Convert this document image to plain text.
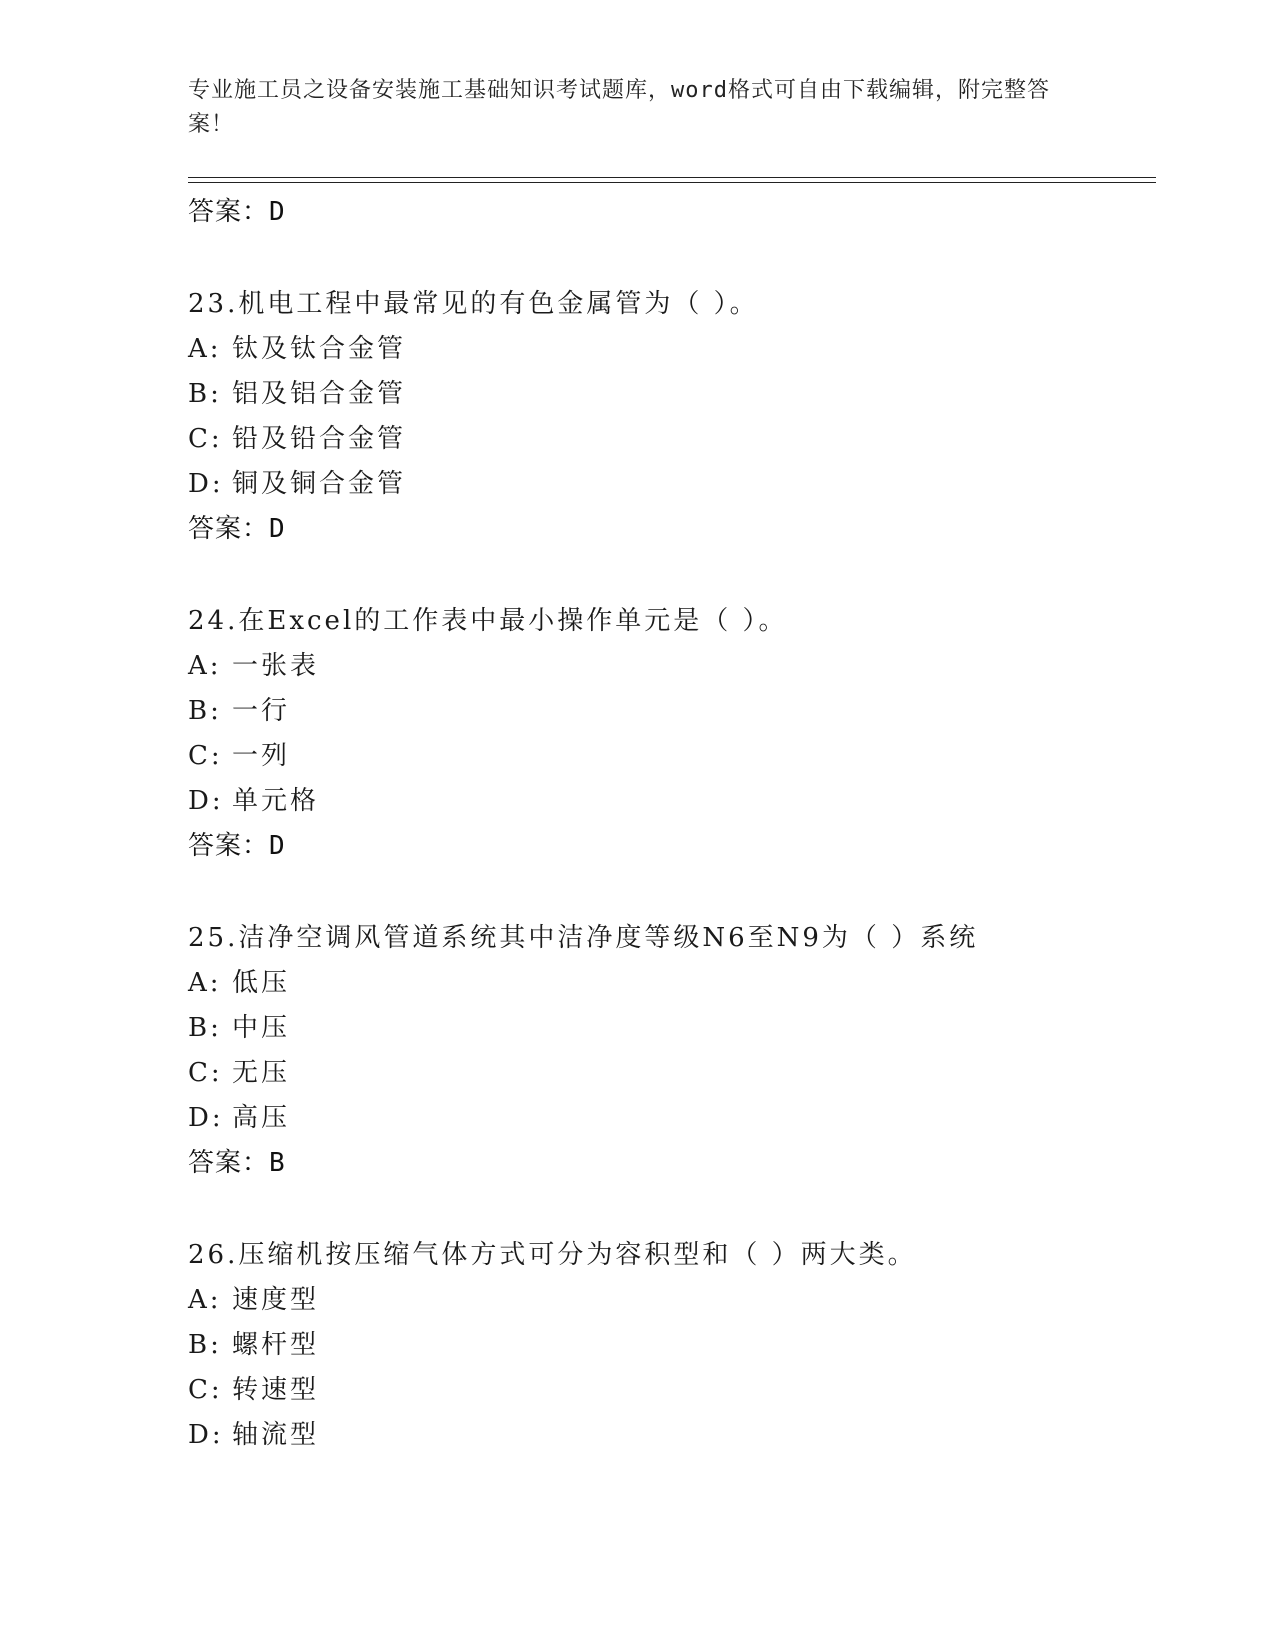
专业施工员之设备安装施工基础知识考试题库，word格式可自由下载编辑，附完整答案！
答案：D
23.机电工程中最常见的有色金属管为（ ）。
A: 钛及钛合金管
B: 铝及铝合金管
C: 铅及铅合金管
D: 铜及铜合金管
答案：D
24.在Excel的工作表中最小操作单元是（ ）。
A: 一张表
B: 一行
C: 一列
D: 单元格
答案：D
25.洁净空调风管道系统其中洁净度等级N6至N9为（ ）系统
A: 低压
B: 中压
C: 无压
D: 高压
答案：B
26.压缩机按压缩气体方式可分为容积型和（ ）两大类。
A: 速度型
B: 螺杆型
C: 转速型
D: 轴流型
